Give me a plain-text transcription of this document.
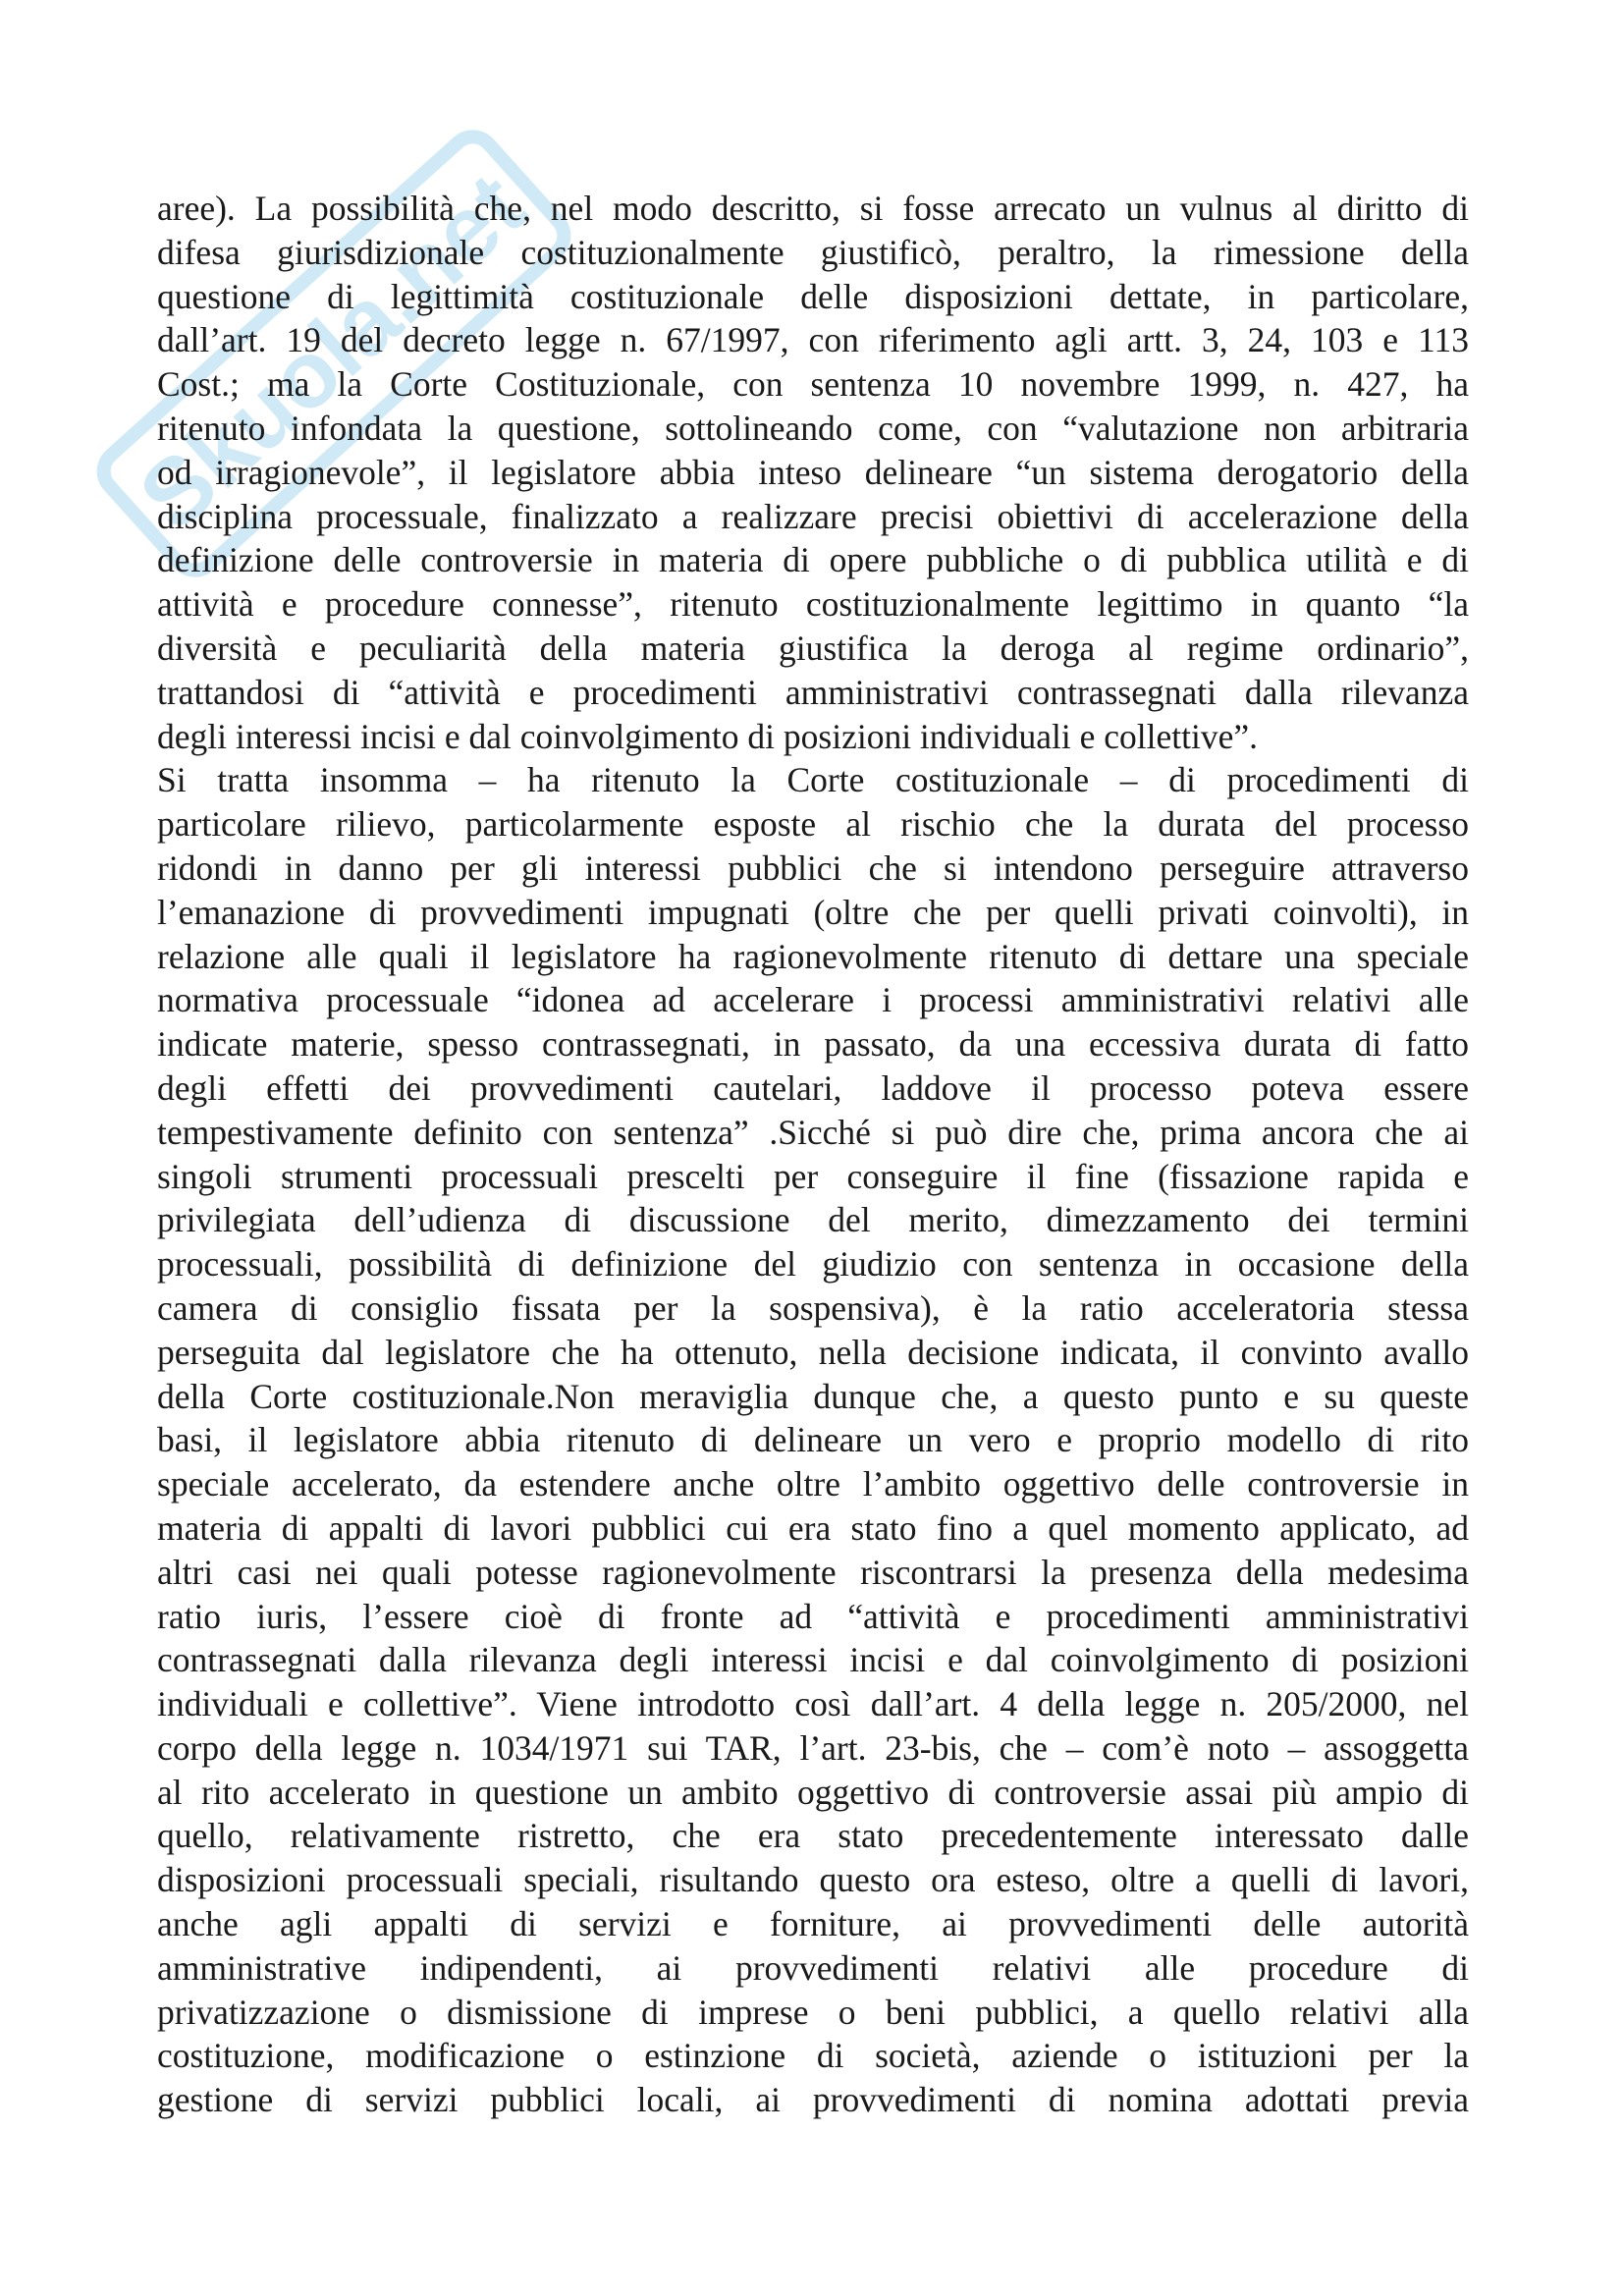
Skuola.net
aree). La possibilità che, nel modo descritto, si fosse arrecato un vulnus al diritto di
difesa giurisdizionale costituzionalmente giustificò, peraltro, la rimessione della
questione di legittimità costituzionale delle disposizioni dettate, in particolare,
dall’art. 19 del decreto legge n. 67/1997, con riferimento agli artt. 3, 24, 103 e 113
Cost.; ma la Corte Costituzionale, con sentenza 10 novembre 1999, n. 427, ha
ritenuto infondata la questione, sottolineando come, con “valutazione non arbitraria
od irragionevole”, il legislatore abbia inteso delineare “un sistema derogatorio della
disciplina processuale, finalizzato a realizzare precisi obiettivi di accelerazione della
definizione delle controversie in materia di opere pubbliche o di pubblica utilità e di
attività e procedure connesse”, ritenuto costituzionalmente legittimo in quanto “la
diversità e peculiarità della materia giustifica la deroga al regime ordinario”,
trattandosi di “attività e procedimenti amministrativi contrassegnati dalla rilevanza
degli interessi incisi e dal coinvolgimento di posizioni individuali e collettive”.
Si tratta insomma – ha ritenuto la Corte costituzionale – di procedimenti di
particolare rilievo, particolarmente esposte al rischio che la durata del processo
ridondi in danno per gli interessi pubblici che si intendono perseguire attraverso
l’emanazione di provvedimenti impugnati (oltre che per quelli privati coinvolti), in
relazione alle quali il legislatore ha ragionevolmente ritenuto di dettare una speciale
normativa processuale “idonea ad accelerare i processi amministrativi relativi alle
indicate materie, spesso contrassegnati, in passato, da una eccessiva durata di fatto
degli effetti dei provvedimenti cautelari, laddove il processo poteva essere
tempestivamente definito con sentenza” .Sicché si può dire che, prima ancora che ai
singoli strumenti processuali prescelti per conseguire il fine (fissazione rapida e
privilegiata dell’udienza di discussione del merito, dimezzamento dei termini
processuali, possibilità di definizione del giudizio con sentenza in occasione della
camera di consiglio fissata per la sospensiva), è la ratio acceleratoria stessa
perseguita dal legislatore che ha ottenuto, nella decisione indicata, il convinto avallo
della Corte costituzionale.Non meraviglia dunque che, a questo punto e su queste
basi, il legislatore abbia ritenuto di delineare un vero e proprio modello di rito
speciale accelerato, da estendere anche oltre l’ambito oggettivo delle controversie in
materia di appalti di lavori pubblici cui era stato fino a quel momento applicato, ad
altri casi nei quali potesse ragionevolmente riscontrarsi la presenza della medesima
ratio iuris, l’essere cioè di fronte ad “attività e procedimenti amministrativi
contrassegnati dalla rilevanza degli interessi incisi e dal coinvolgimento di posizioni
individuali e collettive”. Viene introdotto così dall’art. 4 della legge n. 205/2000, nel
corpo della legge n. 1034/1971 sui TAR, l’art. 23-bis, che – com’è noto – assoggetta
al rito accelerato in questione un ambito oggettivo di controversie assai più ampio di
quello, relativamente ristretto, che era stato precedentemente interessato dalle
disposizioni processuali speciali, risultando questo ora esteso, oltre a quelli di lavori,
anche agli appalti di servizi e forniture, ai provvedimenti delle autorità
amministrative indipendenti, ai provvedimenti relativi alle procedure di
privatizzazione o dismissione di imprese o beni pubblici, a quello relativi alla
costituzione, modificazione o estinzione di società, aziende o istituzioni per la
gestione di servizi pubblici locali, ai provvedimenti di nomina adottati previa
